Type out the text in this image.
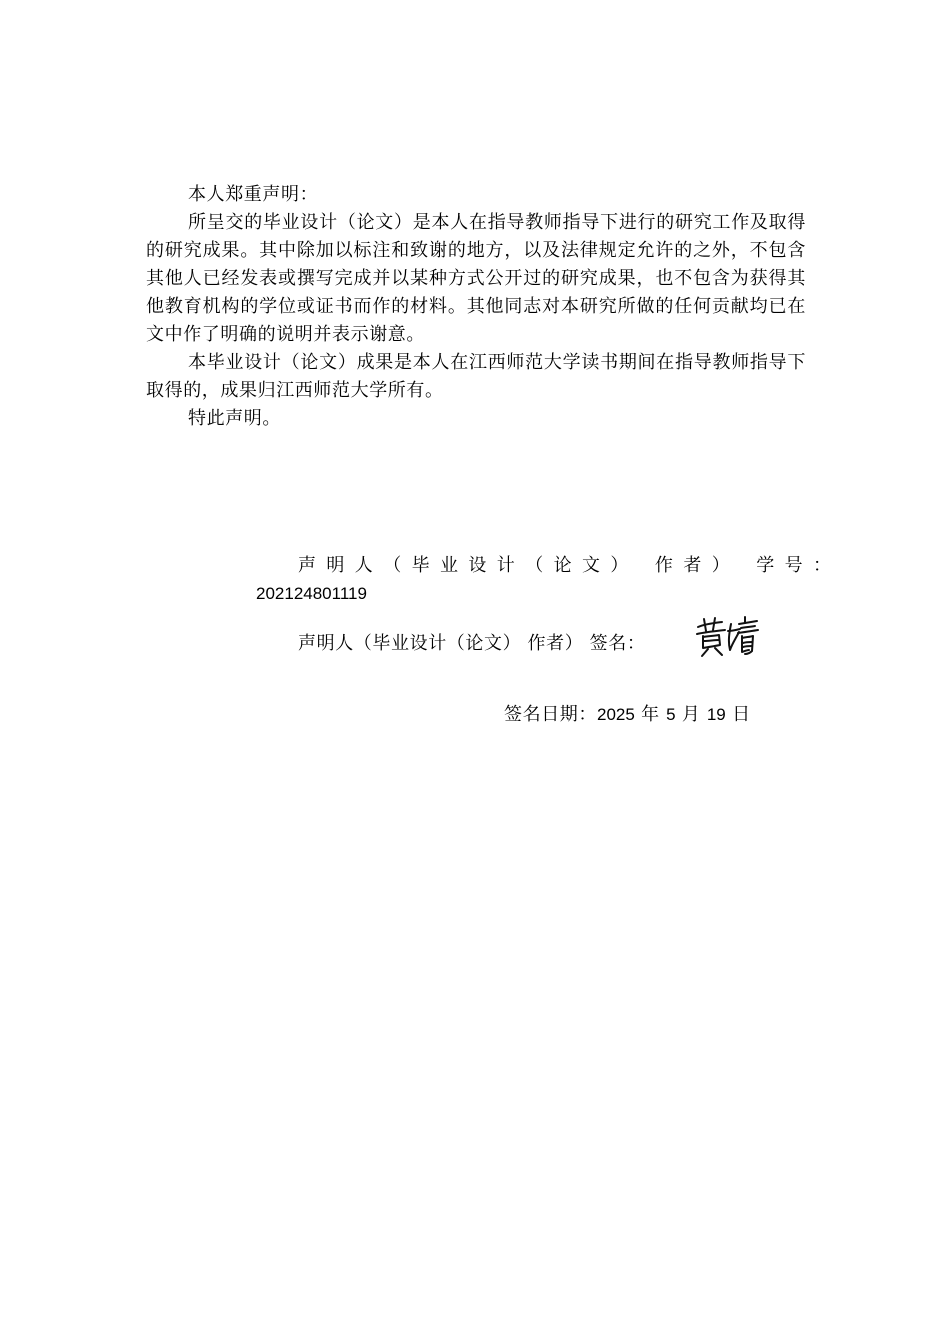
本人郑重声明：

所呈交的毕业设计（论文）是本人在指导教师指导下进行的研究工作及取得的研究成果。其中除加以标注和致谢的地方，以及法律规定允许的之外，不包含其他人已经发表或撰写完成并以某种方式公开过的研究成果，也不包含为获得其他教育机构的学位或证书而作的材料。其他同志对本研究所做的任何贡献均已在文中作了明确的说明并表示谢意。

本毕业设计（论文）成果是本人在江西师范大学读书期间在指导教师指导下取得的，成果归江西师范大学所有。

特此声明。

声明人（毕业设计（论文） 作者） 学号：
202124801119
声明人（毕业设计（论文） 作者） 签名：
签名日期：2025 年 5 月 19 日
